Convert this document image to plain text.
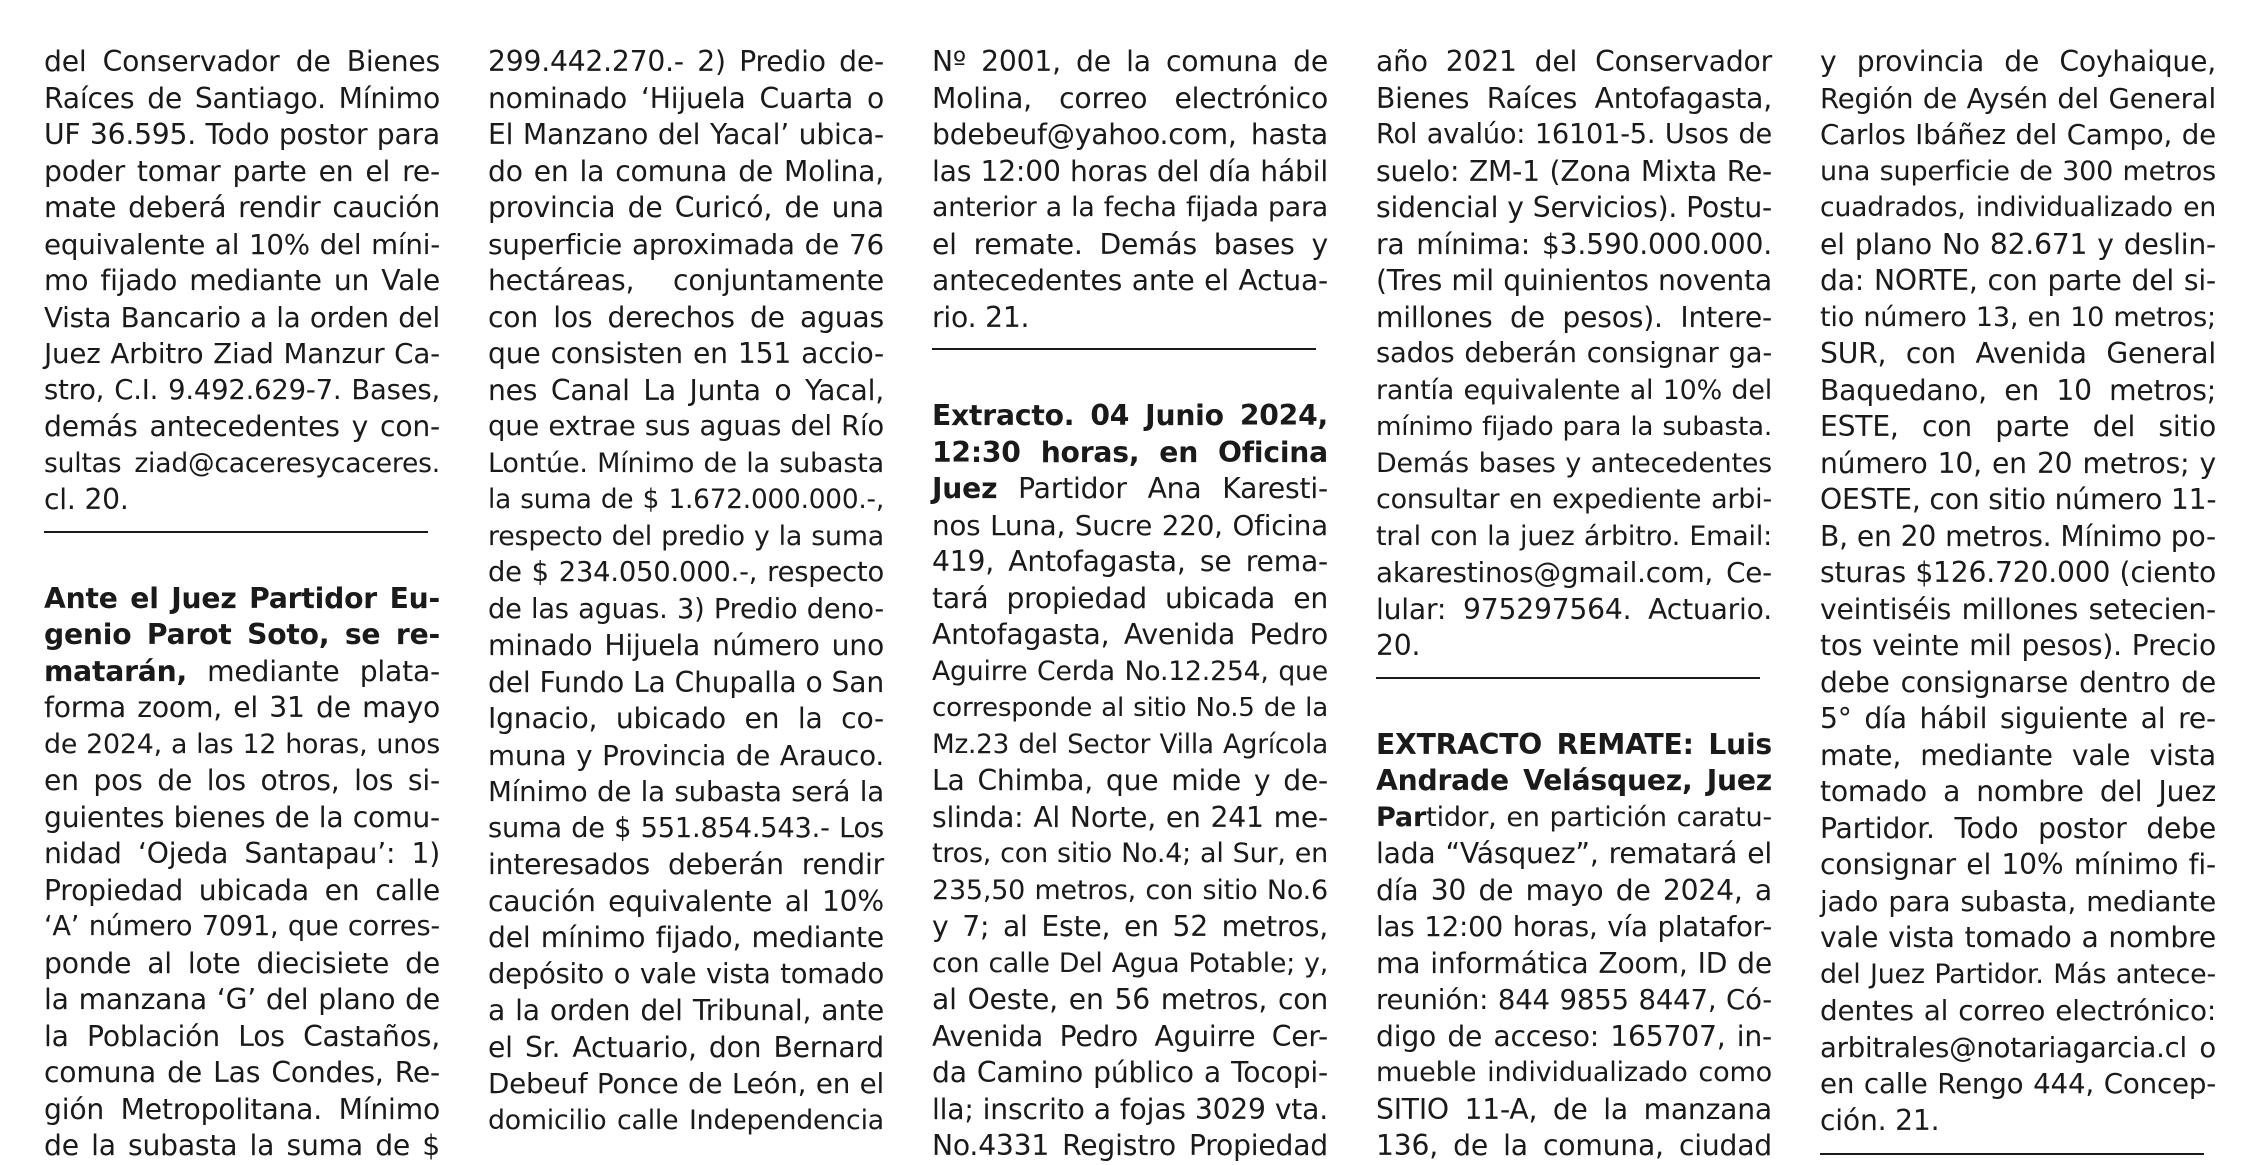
del Conservador de Bienes
Raíces de Santiago. Mínimo
UF 36.595. Todo postor para
poder tomar parte en el re-
mate deberá rendir caución
equivalente al 10% del míni-
mo fijado mediante un Vale
Vista Bancario a la orden del
Juez Arbitro Ziad Manzur Ca-
stro, C.I. 9.492.629-7. Bases,
demás antecedentes y con-
sultas ziad@caceresycaceres.
cl. 20.
Ante el Juez Partidor Eu-
genio Parot Soto, se re-
matarán, mediante plata-
forma zoom, el 31 de mayo
de 2024, a las 12 horas, unos
en pos de los otros, los si-
guientes bienes de la comu-
nidad ‘Ojeda Santapau’: 1)
Propiedad ubicada en calle
‘A’ número 7091, que corres-
ponde al lote diecisiete de
la manzana ‘G’ del plano de
la Población Los Castaños,
comuna de Las Condes, Re-
gión Metropolitana. Mínimo
de la subasta la suma de $
299.442.270.- 2) Predio de-
nominado ‘Hijuela Cuarta o
El Manzano del Yacal’ ubica-
do en la comuna de Molina,
provincia de Curicó, de una
superficie aproximada de 76
hectáreas, conjuntamente
con los derechos de aguas
que consisten en 151 accio-
nes Canal La Junta o Yacal,
que extrae sus aguas del Río
Lontúe. Mínimo de la subasta
la suma de $ 1.672.000.000.-,
respecto del predio y la suma
de $ 234.050.000.-, respecto
de las aguas. 3) Predio deno-
minado Hijuela número uno
del Fundo La Chupalla o San
Ignacio, ubicado en la co-
muna y Provincia de Arauco.
Mínimo de la subasta será la
suma de $ 551.854.543.- Los
interesados deberán rendir
caución equivalente al 10%
del mínimo fijado, mediante
depósito o vale vista tomado
a la orden del Tribunal, ante
el Sr. Actuario, don Bernard
Debeuf Ponce de León, en el
domicilio calle Independencia
Nº 2001, de la comuna de
Molina, correo electrónico
bdebeuf@yahoo.com, hasta
las 12:00 horas del día hábil
anterior a la fecha fijada para
el remate. Demás bases y
antecedentes ante el Actua-
rio. 21.
Extracto. 04 Junio 2024,
12:30 horas, en Oficina
Juez Partidor Ana Karesti-
nos Luna, Sucre 220, Oficina
419, Antofagasta, se rema-
tará propiedad ubicada en
Antofagasta, Avenida Pedro
Aguirre Cerda No.12.254, que
corresponde al sitio No.5 de la
Mz.23 del Sector Villa Agrícola
La Chimba, que mide y de-
slinda: Al Norte, en 241 me-
tros, con sitio No.4; al Sur, en
235,50 metros, con sitio No.6
y 7; al Este, en 52 metros,
con calle Del Agua Potable; y,
al Oeste, en 56 metros, con
Avenida Pedro Aguirre Cer-
da Camino público a Tocopi-
lla; inscrito a fojas 3029 vta.
No.4331 Registro Propiedad
año 2021 del Conservador
Bienes Raíces Antofagasta,
Rol avalúo: 16101-5. Usos de
suelo: ZM-1 (Zona Mixta Re-
sidencial y Servicios). Postu-
ra mínima: $3.590.000.000.
(Tres mil quinientos noventa
millones de pesos). Intere-
sados deberán consignar ga-
rantía equivalente al 10% del
mínimo fijado para la subasta.
Demás bases y antecedentes
consultar en expediente arbi-
tral con la juez árbitro. Email:
akarestinos@gmail.com, Ce-
lular: 975297564. Actuario.
20.
EXTRACTO REMATE: Luis
Andrade Velásquez, Juez
Partidor, en partición caratu-
lada “Vásquez”, rematará el
día 30 de mayo de 2024, a
las 12:00 horas, vía platafor-
ma informática Zoom, ID de
reunión: 844 9855 8447, Có-
digo de acceso: 165707, in-
mueble individualizado como
SITIO 11-A, de la manzana
136, de la comuna, ciudad
y provincia de Coyhaique,
Región de Aysén del General
Carlos Ibáñez del Campo, de
una superficie de 300 metros
cuadrados, individualizado en
el plano No 82.671 y deslin-
da: NORTE, con parte del si-
tio número 13, en 10 metros;
SUR, con Avenida General
Baquedano, en 10 metros;
ESTE, con parte del sitio
número 10, en 20 metros; y
OESTE, con sitio número 11-
B, en 20 metros. Mínimo po-
sturas $126.720.000 (ciento
veintiséis millones setecien-
tos veinte mil pesos). Precio
debe consignarse dentro de
5° día hábil siguiente al re-
mate, mediante vale vista
tomado a nombre del Juez
Partidor. Todo postor debe
consignar el 10% mínimo fi-
jado para subasta, mediante
vale vista tomado a nombre
del Juez Partidor. Más antece-
dentes al correo electrónico:
arbitrales@notariagarcia.cl o
en calle Rengo 444, Concep-
ción. 21.
